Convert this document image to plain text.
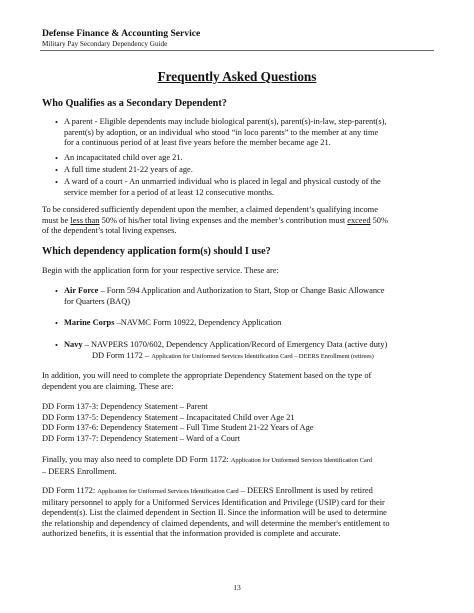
Defense Finance & Accounting Service
Military Pay Secondary Dependency Guide
Frequently Asked Questions
Who Qualifies as a Secondary Dependent?
• A parent - Eligible dependents may include biological parent(s), parent(s)-in-law, step-parent(s),
parent(s) by adoption, or an individual who stood “in loco parents” to the member at any time
for a continuous period of at least five years before the member became age 21.
• An incapacitated child over age 21.
• A full time student 21-22 years of age.
• A ward of a court - An unmarried individual who is placed in legal and physical custody of the
service member for a period of at least 12 consecutive months.
To be considered sufficiently dependent upon the member, a claimed dependent’s qualifying income
must be less than 50% of his/her total living expenses and the member’s contribution must exceed 50%
of the dependent’s total living expenses.
Which dependency application form(s) should I use?
Begin with the application form for your respective service. These are:
• Air Force – Form 594 Application and Authorization to Start, Stop or Change Basic Allowance
for Quarters (BAQ)
• Marine Corps –NAVMC Form 10922, Dependency Application
• Navy – NAVPERS 1070/602, Dependency Application/Record of Emergency Data (active duty)
DD Form 1172 – Application for Uniformed Services Identification Card – DEERS Enrollment (retirees)
In addition, you will need to complete the appropriate Dependency Statement based on the type of
dependent you are claiming. These are:
DD Form 137-3: Dependency Statement – Parent
DD Form 137-5: Dependency Statement – Incapacitated Child over Age 21
DD Form 137-6: Dependency Statement – Full Time Student 21-22 Years of Age
DD Form 137-7: Dependency Statement – Ward of a Court
Finally, you may also need to complete DD Form 1172: Application for Uniformed Services Identification Card
– DEERS Enrollment.
DD Form 1172: Application for Uniformed Services Identification Card – DEERS Enrollment is used by retired
military personnel to apply for a Uniformed Services Identification and Privilege (USIP) card for their
dependent(s). List the claimed dependent in Section II. Since the information will be used to determine
the relationship and dependency of claimed dependents, and will determine the member's entitlement to
authorized benefits, it is essential that the information provided is complete and accurate.
13
